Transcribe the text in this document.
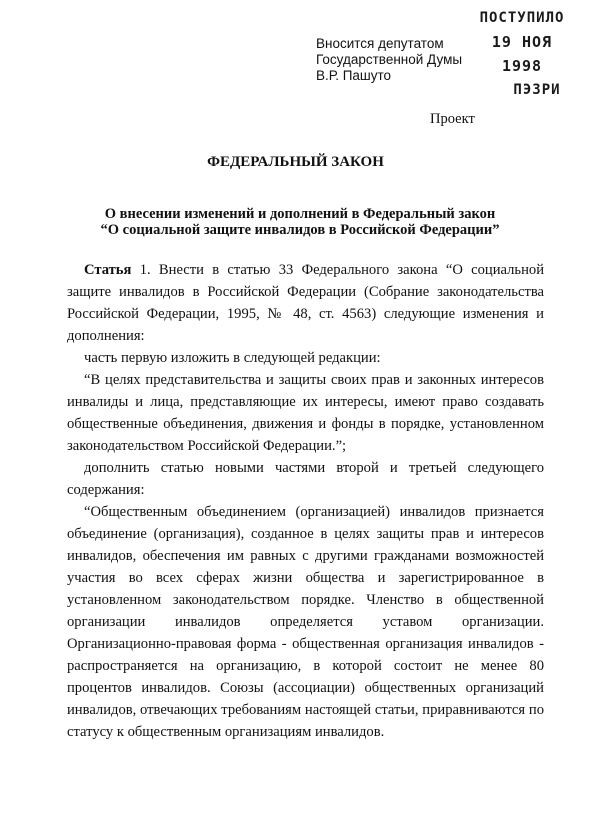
ПОСТУПИЛО
19 НОЯ 1998
ПЭЗРИ
Вносится депутатом
Государственной Думы
В.Р. Пашуто
Проект
ФЕДЕРАЛЬНЫЙ ЗАКОН
О внесении изменений и дополнений в Федеральный закон
“О социальной защите инвалидов в Российской Федерации”

Статья 1. Внести в статью 33 Федерального закона “О социальной защите инвалидов в Российской Федерации (Собрание законодательства Российской Федерации, 1995, № 48, ст. 4563) следующие изменения и дополнения:

часть первую изложить в следующей редакции:

“В целях представительства и защиты своих прав и законных интересов инвалиды и лица, представляющие их интересы, имеют право создавать общественные объединения, движения и фонды в порядке, установленном законодательством Российской Федерации.”;

дополнить статью новыми частями второй и третьей следующего содержания:

“Общественным объединением (организацией) инвалидов признается объединение (организация), созданное в целях защиты прав и интересов инвалидов, обеспечения им равных с другими гражданами возможностей участия во всех сферах жизни общества и зарегистрированное в установленном законодательством порядке. Членство в общественной организации инвалидов определяется уставом организации. Организационно-правовая форма - общественная организация инвалидов - распространяется на организацию, в которой состоит не менее 80 процентов инвалидов. Союзы (ассоциации) общественных организаций инвалидов, отвечающих требованиям настоящей статьи, приравниваются по статусу к общественным организациям инвалидов.
